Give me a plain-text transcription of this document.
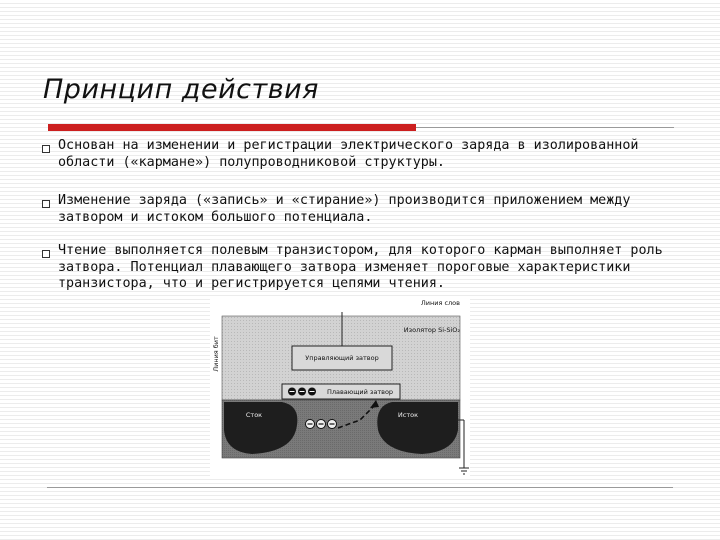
Принцип действия
Основан на изменении и регистрации электрического заряда в изолированной
области («кармане») полупроводниковой структуры.
Изменение заряда («запись» и «стирание») производится приложением между
затвором и истоком большого потенциала.
Чтение выполняется полевым транзистором, для которого карман выполняет роль
затвора. Потенциал плавающего затвора изменяет пороговые характеристики
транзистора, что и регистрируется цепями чтения.
Линия слов
Изолятор Si-SiO₂
Управляющий затвор
Плавающий затвор
Сток	Исток
Линия бит
